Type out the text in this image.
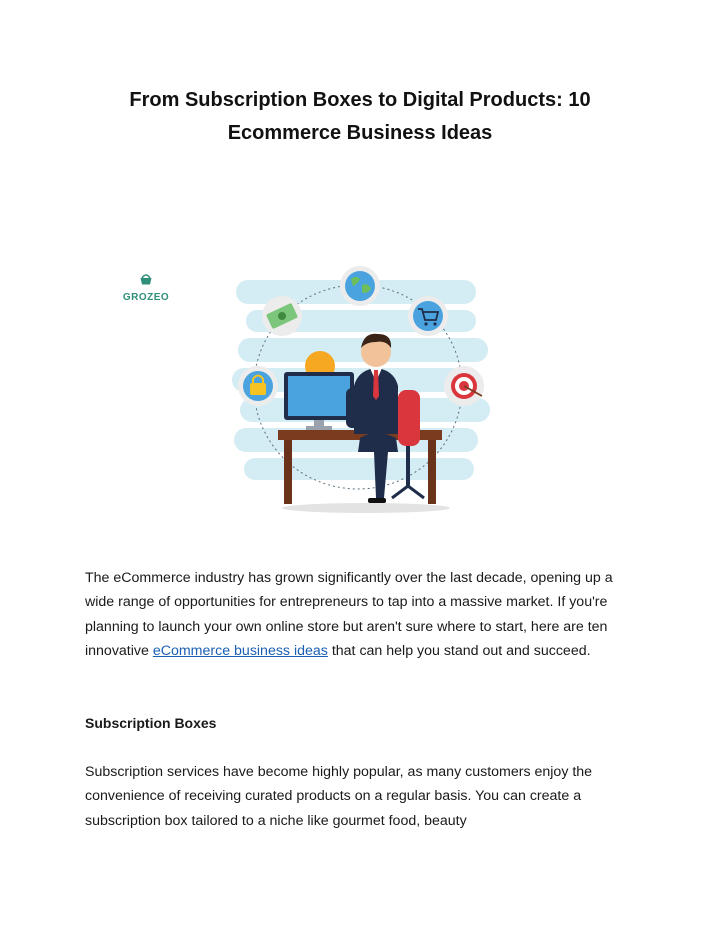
From Subscription Boxes to Digital Products: 10
Ecommerce Business Ideas
GROZEO

The eCommerce industry has grown significantly over the last decade, opening up a wide range of opportunities for entrepreneurs to tap into a massive market. If you're planning to launch your own online store but aren't sure where to start, here are ten innovative eCommerce business ideas that can help you stand out and succeed.

Subscription Boxes

Subscription services have become highly popular, as many customers enjoy the convenience of receiving curated products on a regular basis. You can create a subscription box tailored to a niche like gourmet food, beauty
